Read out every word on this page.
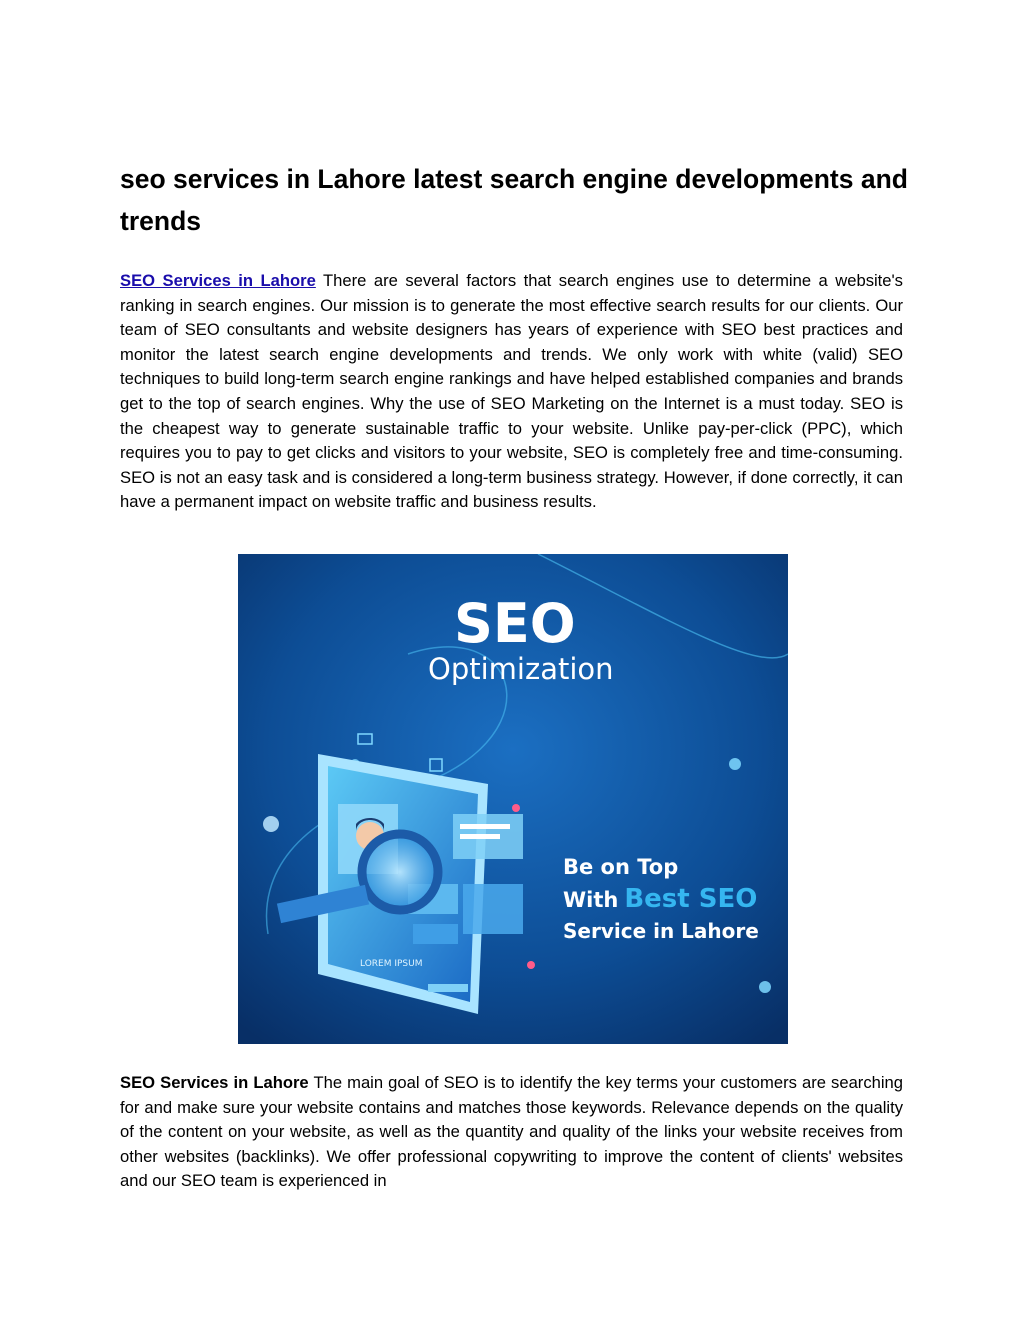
seo services in Lahore latest search engine developments and trends

SEO Services in Lahore There are several factors that search engines use to determine a website's ranking in search engines. Our mission is to generate the most effective search results for our clients. Our team of SEO consultants and website designers has years of experience with SEO best practices and monitor the latest search engine developments and trends. We only work with white (valid) SEO techniques to build long-term search engine rankings and have helped established companies and brands get to the top of search engines. Why the use of SEO Marketing on the Internet is a must today. SEO is the cheapest way to generate sustainable traffic to your website. Unlike pay-per-click (PPC), which requires you to pay to get clicks and visitors to your website, SEO is completely free and time-consuming. SEO is not an easy task and is considered a long-term business strategy. However, if done correctly, it can have a permanent impact on website traffic and business results.

LOREM IPSUM
SEO
Optimization
Be on Top
With Best SEO
Service in Lahore

SEO Services in Lahore The main goal of SEO is to identify the key terms your customers are searching for and make sure your website contains and matches those keywords. Relevance depends on the quality of the content on your website, as well as the quantity and quality of the links your website receives from other websites (backlinks). We offer professional copywriting to improve the content of clients' websites and our SEO team is experienced in
